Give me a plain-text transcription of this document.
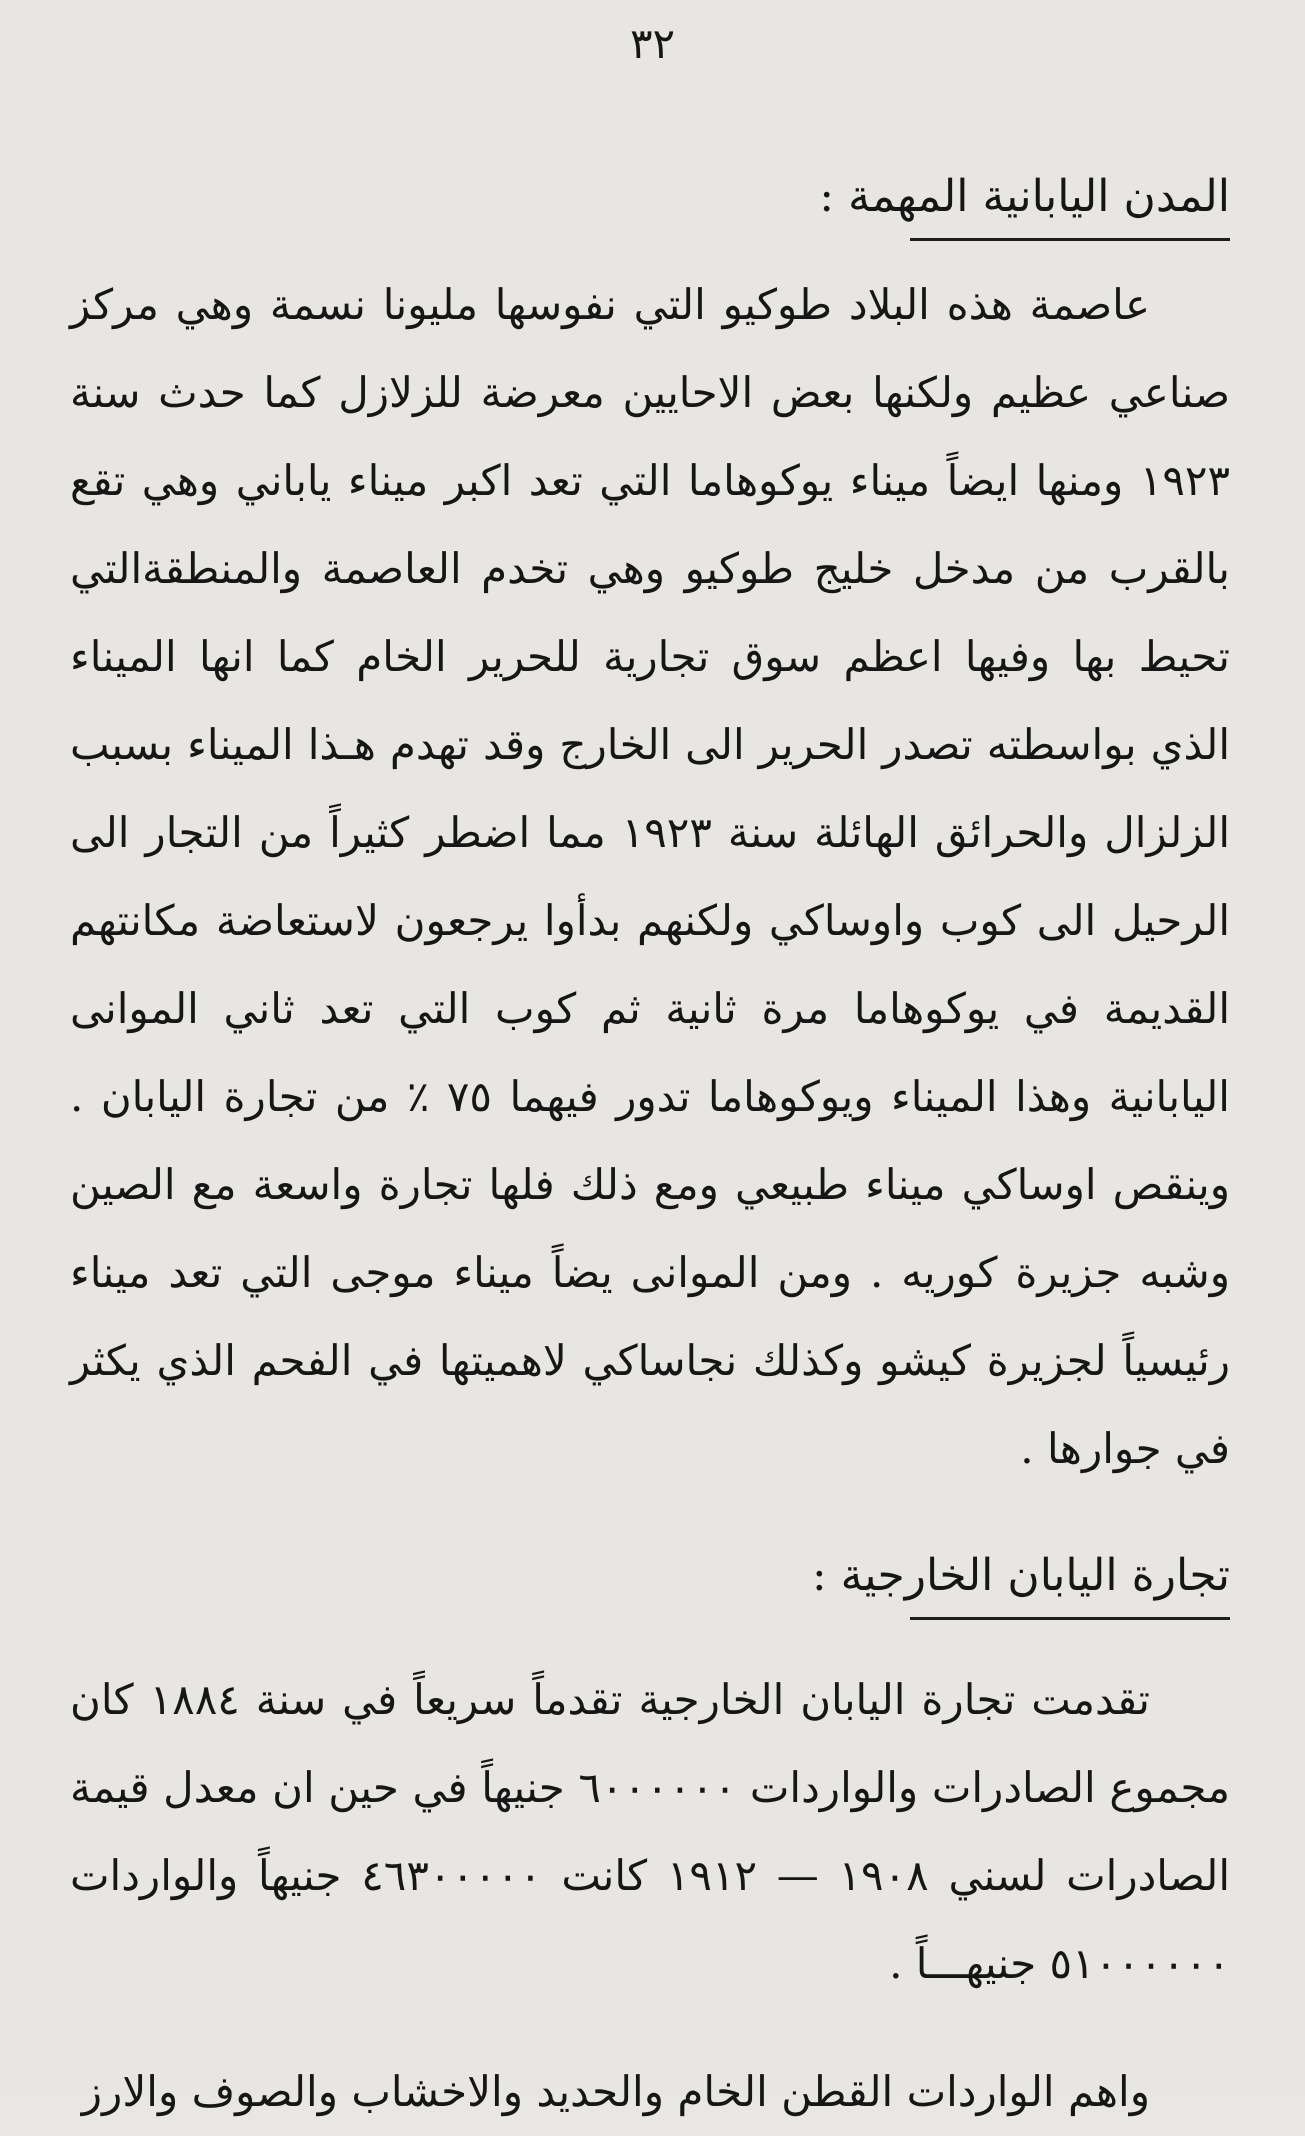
٣٢
المدن اليابانية المهمة :

عاصمة هذه البلاد طوكيو التي نفوسها مليونا نسمة وهي مركز صناعي عظيم ولكنها بعض الاحايين معرضة للزلازل كما حدث سنة ١٩٢٣ ومنها ايضاً ميناء يوكوهاما التي تعد اكبر ميناء ياباني وهي تقع بالقرب من مدخل خليج طوكيو وهي تخدم العاصمة والمنطقةالتي تحيط بها وفيها اعظم سوق تجارية للحرير الخام كما انها الميناء الذي بواسطته تصدر الحرير الى الخارج وقد تهدم هـذا الميناء بسبب الزلزال والحرائق الهائلة سنة ١٩٢٣ مما اضطر كثيراً من التجار الى الرحيل الى كوب واوساكي ولكنهم بدأوا يرجعون لاستعاضة مكانتهم القديمة في يوكوهاما مرة ثانية ثم كوب التي تعد ثاني الموانى اليابانية وهذا الميناء ويوكوهاما تدور فيهما ٧٥ ٪ من تجارة اليابان . وينقص اوساكي ميناء طبيعي ومع ذلك فلها تجارة واسعة مع الصين وشبه جزيرة كوريه . ومن الموانى يضاً ميناء موجى التي تعد ميناء رئيسياً لجزيرة كيشو وكذلك نجاساكي لاهميتها في الفحم الذي يكثر في جوارها .

تجارة اليابان الخارجية :

تقدمت تجارة اليابان الخارجية تقدماً سريعاً في سنة ١٨٨٤ كان مجموع الصادرات والواردات ٦٠٠٠٠٠٠ جنيهاً في حين ان معدل قيمة الصادرات لسني ١٩٠٨ — ١٩١٢ كانت ٤٦٣٠٠٠٠٠ جنيهاً والواردات ٥١٠٠٠٠٠٠ جنيهـــاً .

واهم الواردات القطن الخام والحديد والاخشاب والصوف والارز
